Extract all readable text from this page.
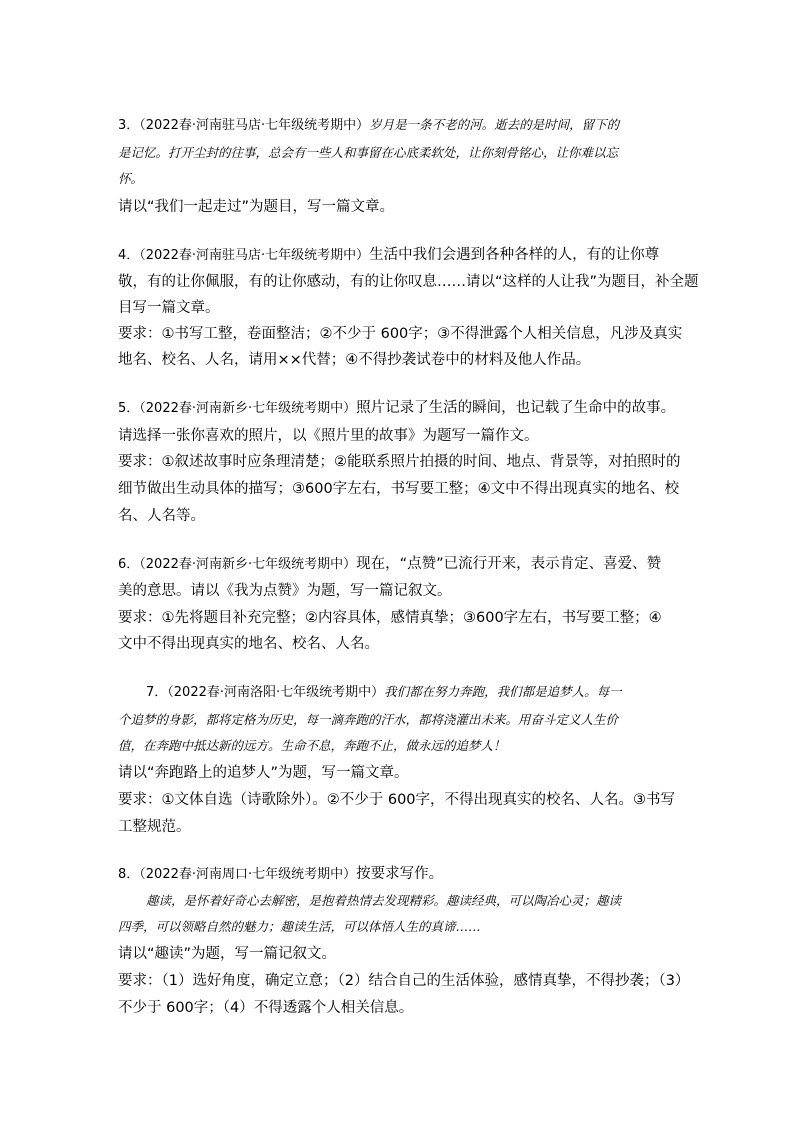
3．（2022春·河南驻马店·七年级统考期中）岁月是一条不老的河。逝去的是时间，留下的
是记忆。打开尘封的往事，总会有一些人和事留在心底柔软处，让你刻骨铭心，让你难以忘
怀。
请以“我们一起走过”为题目，写一篇文章。
4．（2022春·河南驻马店·七年级统考期中）生活中我们会遇到各种各样的人，有的让你尊
敬，有的让你佩服，有的让你感动，有的让你叹息……请以“这样的人让我”为题目，补全题
目写一篇文章。
要求：①书写工整，卷面整洁；②不少于 600字；③不得泄露个人相关信息，凡涉及真实
地名、校名、人名，请用××代替；④不得抄袭试卷中的材料及他人作品。
5．（2022春·河南新乡·七年级统考期中）照片记录了生活的瞬间，也记载了生命中的故事。
请选择一张你喜欢的照片，以《照片里的故事》为题写一篇作文。
要求：①叙述故事时应条理清楚；②能联系照片拍摄的时间、地点、背景等，对拍照时的
细节做出生动具体的描写；③600字左右，书写要工整；④文中不得出现真实的地名、校
名、人名等。
6．（2022春·河南新乡·七年级统考期中）现在，“点赞”已流行开来，表示肯定、喜爱、赞
美的意思。请以《我为点赞》为题，写一篇记叙文。
要求：①先将题目补充完整；②内容具体，感情真挚；③600字左右，书写要工整；④
文中不得出现真实的地名、校名、人名。
7．（2022春·河南洛阳·七年级统考期中）我们都在努力奔跑，我们都是追梦人。每一
个追梦的身影，都将定格为历史，每一滴奔跑的汗水，都将浇灌出未来。用奋斗定义人生价
值，在奔跑中抵达新的远方。生命不息，奔跑不止，做永远的追梦人！
请以“奔跑路上的追梦人”为题，写一篇文章。
要求：①文体自选（诗歌除外）。②不少于 600字，不得出现真实的校名、人名。③书写
工整规范。
8．（2022春·河南周口·七年级统考期中）按要求写作。
趣读，是怀着好奇心去解密，是抱着热情去发现精彩。趣读经典，可以陶冶心灵；趣读
四季，可以领略自然的魅力；趣读生活，可以体悟人生的真谛……
请以“趣读”为题，写一篇记叙文。
要求：（1）选好角度，确定立意；（2）结合自己的生活体验，感情真挚，不得抄袭；（3）
不少于 600字；（4）不得透露个人相关信息。
